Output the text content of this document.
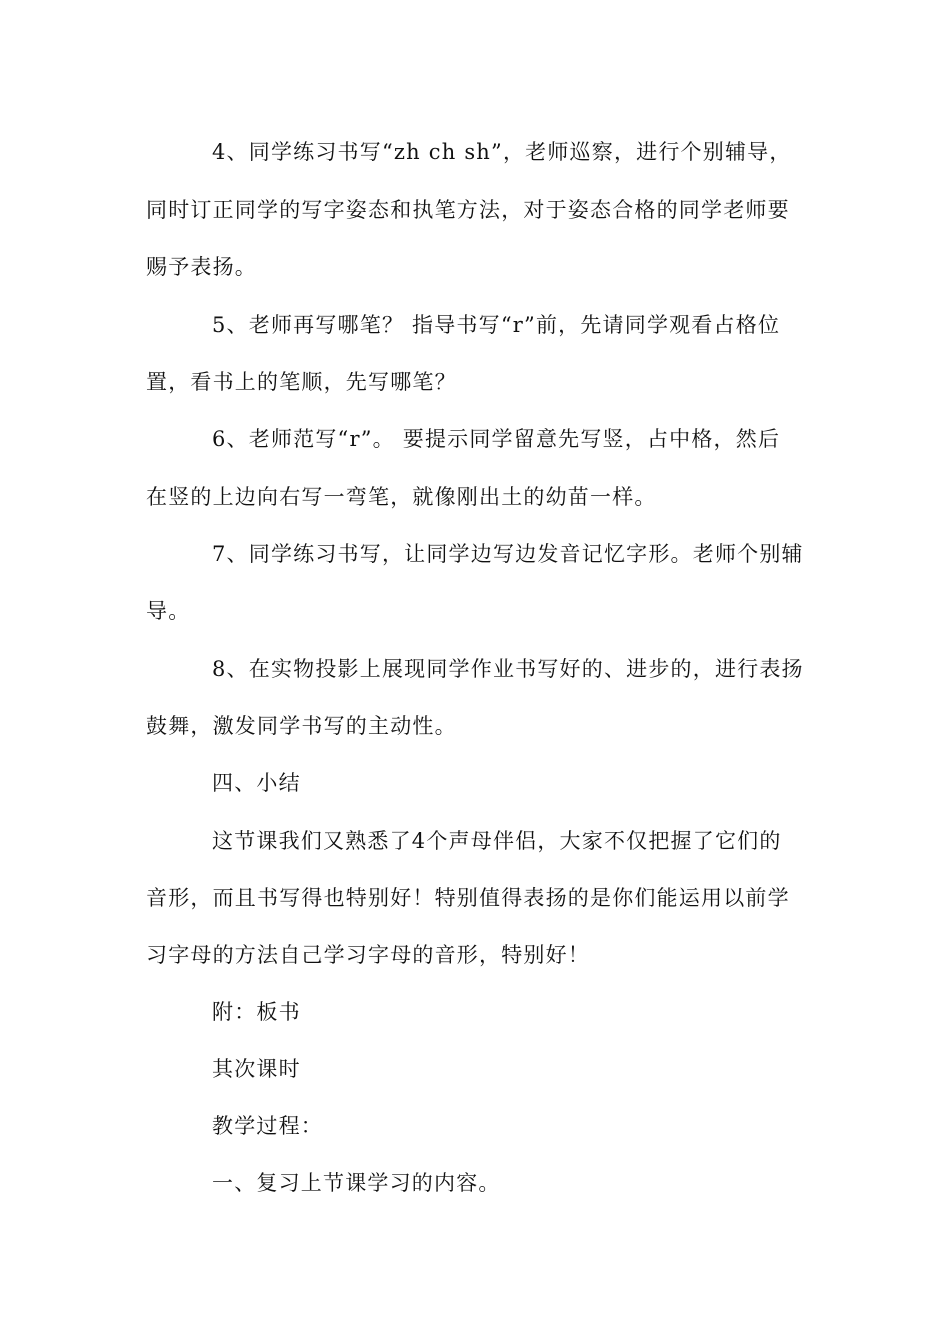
4、同学练习书写“zh ch sh”，老师巡察，进行个别辅导，
同时订正同学的写字姿态和执笔方法，对于姿态合格的同学老师要
赐予表扬。
5、老师再写哪笔？ 指导书写“r”前，先请同学观看占格位
置，看书上的笔顺，先写哪笔？
6、老师范写“r”。 要提示同学留意先写竖，占中格，然后
在竖的上边向右写一弯笔，就像刚出土的幼苗一样。
7、同学练习书写，让同学边写边发音记忆字形。老师个别辅
导。
8、在实物投影上展现同学作业书写好的、进步的，进行表扬
鼓舞，激发同学书写的主动性。
四、小结
这节课我们又熟悉了4个声母伴侣，大家不仅把握了它们的
音形，而且书写得也特别好！特别值得表扬的是你们能运用以前学
习字母的方法自己学习字母的音形，特别好！
附：板书
其次课时
教学过程：
一、复习上节课学习的内容。
